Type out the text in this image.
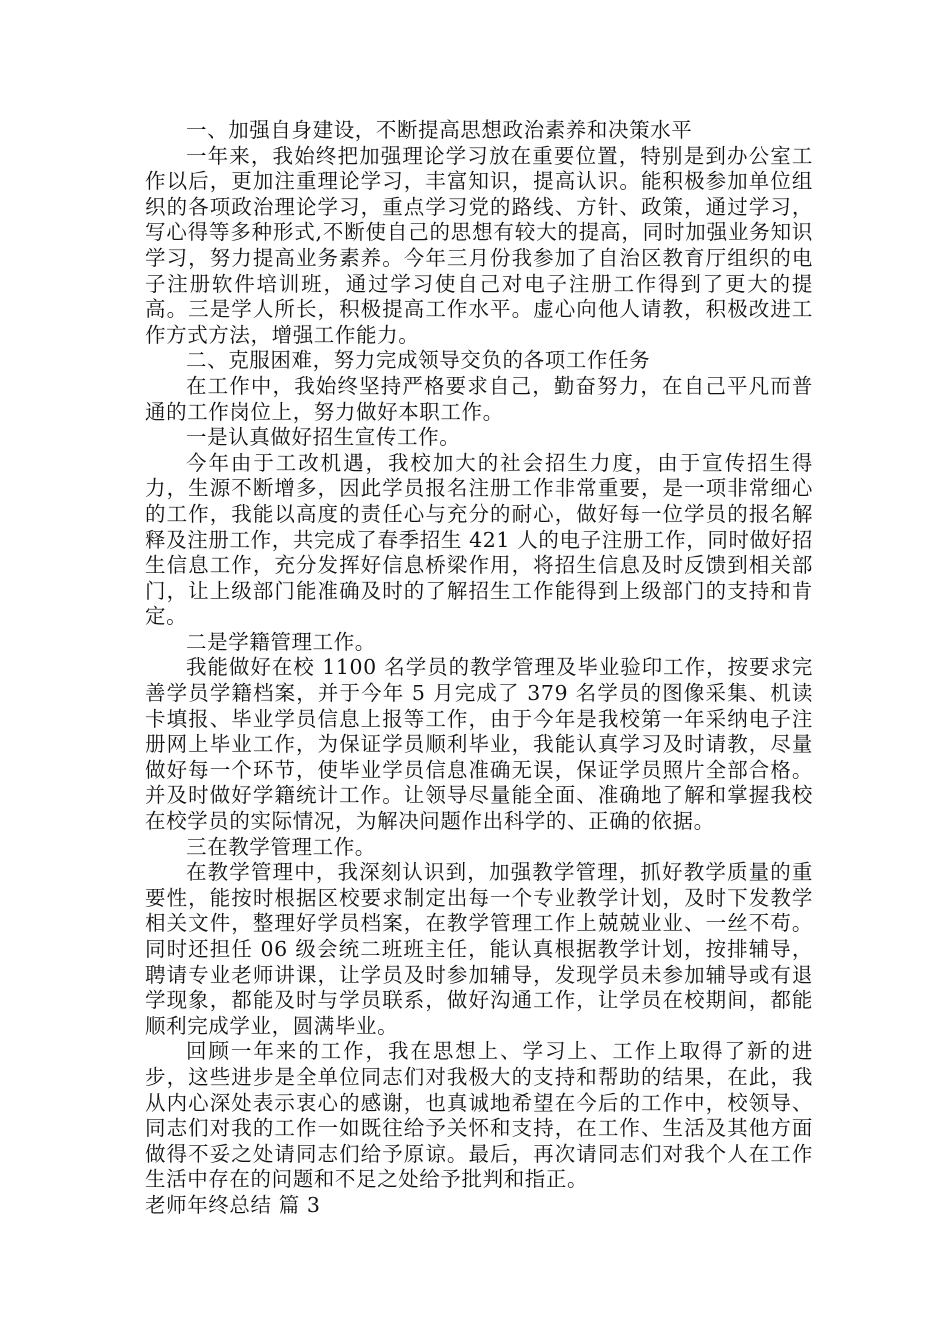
一、加强自身建设，不断提高思想政治素养和决策水平

一年来，我始终把加强理论学习放在重要位置，特别是到办公室工作以后，更加注重理论学习，丰富知识，提高认识。能积极参加单位组织的各项政治理论学习，重点学习党的路线、方针、政策，通过学习，写心得等多种形式,不断使自己的思想有较大的提高，同时加强业务知识学习，努力提高业务素养。今年三月份我参加了自治区教育厅组织的电子注册软件培训班，通过学习使自己对电子注册工作得到了更大的提高。三是学人所长，积极提高工作水平。虚心向他人请教，积极改进工作方式方法，增强工作能力。

二、克服困难，努力完成领导交负的各项工作任务

在工作中，我始终坚持严格要求自己，勤奋努力，在自己平凡而普通的工作岗位上，努力做好本职工作。

一是认真做好招生宣传工作。

今年由于工改机遇，我校加大的社会招生力度，由于宣传招生得力，生源不断增多，因此学员报名注册工作非常重要，是一项非常细心的工作，我能以高度的责任心与充分的耐心，做好每一位学员的报名解释及注册工作，共完成了春季招生 421 人的电子注册工作，同时做好招生信息工作，充分发挥好信息桥梁作用，将招生信息及时反馈到相关部门，让上级部门能准确及时的了解招生工作能得到上级部门的支持和肯定。

二是学籍管理工作。

我能做好在校 1100 名学员的教学管理及毕业验印工作，按要求完善学员学籍档案，并于今年 5 月完成了 379 名学员的图像采集、机读卡填报、毕业学员信息上报等工作，由于今年是我校第一年采纳电子注册网上毕业工作，为保证学员顺利毕业，我能认真学习及时请教，尽量做好每一个环节，使毕业学员信息准确无误，保证学员照片全部合格。并及时做好学籍统计工作。让领导尽量能全面、准确地了解和掌握我校在校学员的实际情况，为解决问题作出科学的、正确的依据。

三在教学管理工作。

在教学管理中，我深刻认识到，加强教学管理，抓好教学质量的重要性，能按时根据区校要求制定出每一个专业教学计划，及时下发教学相关文件，整理好学员档案，在教学管理工作上兢兢业业、一丝不苟。同时还担任 06 级会统二班班主任，能认真根据教学计划，按排辅导，聘请专业老师讲课，让学员及时参加辅导，发现学员未参加辅导或有退学现象，都能及时与学员联系，做好沟通工作，让学员在校期间，都能顺利完成学业，圆满毕业。

回顾一年来的工作，我在思想上、学习上、工作上取得了新的进步，这些进步是全单位同志们对我极大的支持和帮助的结果，在此，我从内心深处表示衷心的感谢，也真诚地希望在今后的工作中，校领导、同志们对我的工作一如既往给予关怀和支持，在工作、生活及其他方面做得不妥之处请同志们给予原谅。最后，再次请同志们对我个人在工作生活中存在的问题和不足之处给予批判和指正。

老师年终总结 篇 3
